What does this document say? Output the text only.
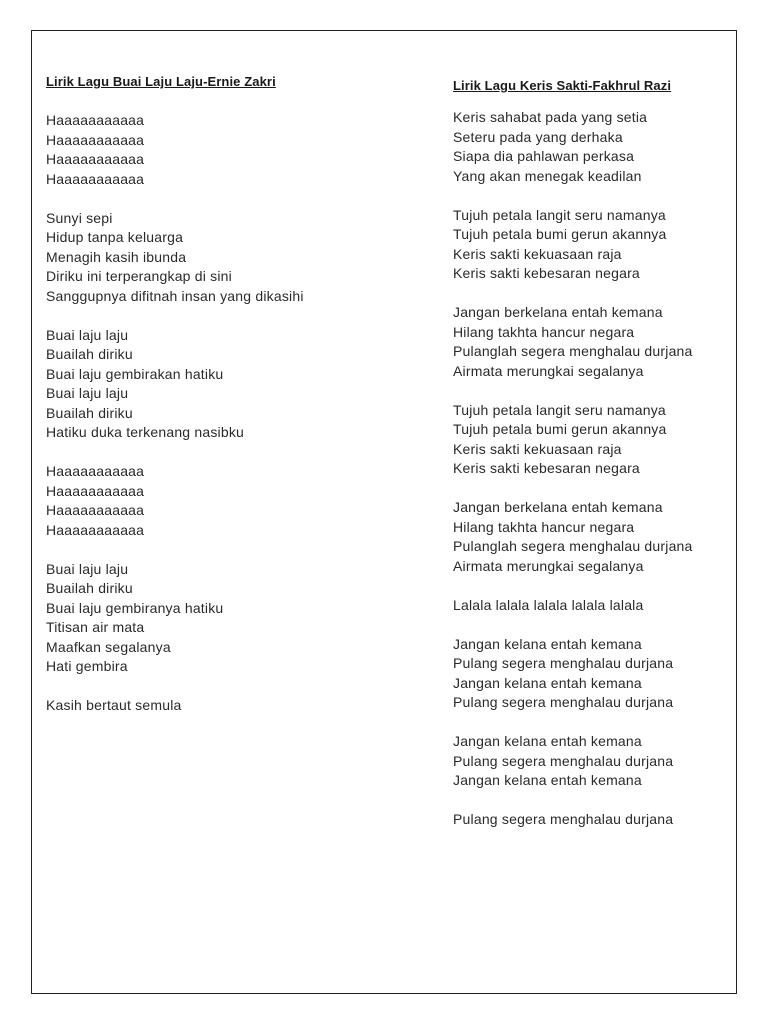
Lirik Lagu Buai Laju Laju-Ernie Zakri
Haaaaaaaaaaa
Haaaaaaaaaaa
Haaaaaaaaaaa
Haaaaaaaaaaa
Sunyi sepi
Hidup tanpa keluarga
Menagih kasih ibunda
Diriku ini terperangkap di sini
Sanggupnya difitnah insan yang dikasihi
Buai laju laju
Buailah diriku
Buai laju gembirakan hatiku
Buai laju laju
Buailah diriku
Hatiku duka terkenang nasibku
Haaaaaaaaaaa
Haaaaaaaaaaa
Haaaaaaaaaaa
Haaaaaaaaaaa
Buai laju laju
Buailah diriku
Buai laju gembiranya hatiku
Titisan air mata
Maafkan segalanya
Hati gembira
Kasih bertaut semula
Lirik Lagu Keris Sakti-Fakhrul Razi
Keris sahabat pada yang setia
Seteru pada yang derhaka
Siapa dia pahlawan perkasa
Yang akan menegak keadilan
Tujuh petala langit seru namanya
Tujuh petala bumi gerun akannya
Keris sakti kekuasaan raja
Keris sakti kebesaran negara
Jangan berkelana entah kemana
Hilang takhta hancur negara
Pulanglah segera menghalau durjana
Airmata merungkai segalanya
Tujuh petala langit seru namanya
Tujuh petala bumi gerun akannya
Keris sakti kekuasaan raja
Keris sakti kebesaran negara
Jangan berkelana entah kemana
Hilang takhta hancur negara
Pulanglah segera menghalau durjana
Airmata merungkai segalanya
Lalala lalala lalala lalala lalala
Jangan kelana entah kemana
Pulang segera menghalau durjana
Jangan kelana entah kemana
Pulang segera menghalau durjana
Jangan kelana entah kemana
Pulang segera menghalau durjana
Jangan kelana entah kemana
Pulang segera menghalau durjana
